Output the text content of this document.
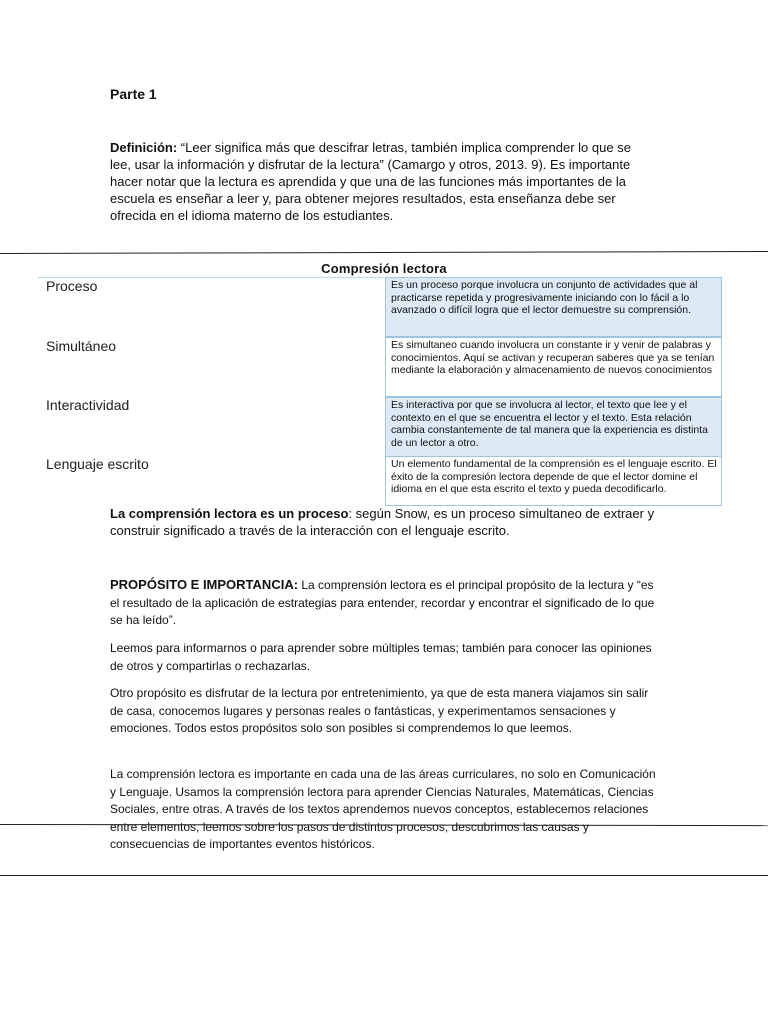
Parte 1
Definición: “Leer significa más que descifrar letras, también implica comprender lo que se lee, usar la información y disfrutar de la lectura” (Camargo y otros, 2013. 9). Es importante hacer notar que la lectura es aprendida y que una de las funciones más importantes de la escuela es enseñar a leer y, para obtener mejores resultados, esta enseñanza debe ser ofrecida en el idioma materno de los estudiantes.
Compresión lectora
Proceso	Es un proceso porque involucra un conjunto de actividades que al practicarse repetida y progresivamente iniciando con lo fácil a lo avanzado o difícil logra que el lector demuestre su comprensión.
Simultáneo	Es simultaneo cuando involucra un constante ir y venir de palabras y conocimientos. Aquí se activan y recuperan saberes que ya se tenían mediante la elaboración y almacenamiento de nuevos conocimientos
Interactividad	Es interactiva por que se involucra al lector, el texto que lee y el contexto en el que se encuentra el lector y el texto. Esta relación cambia constantemente de tal manera que la experiencia es distinta de un lector a otro.
Lenguaje escrito	Un elemento fundamental de la comprensión es el lenguaje escrito. El éxito de la compresión lectora depende de que el lector domine el idioma en el que esta escrito el texto y pueda decodificarlo.
La comprensión lectora es un proceso: según Snow, es un proceso simultaneo de extraer y construir significado a través de la interacción con el lenguaje escrito.
PROPÓSITO E IMPORTANCIA: La comprensión lectora es el principal propósito de la lectura y “es el resultado de la aplicación de estrategias para entender, recordar y encontrar el significado de lo que se ha leído”.
Leemos para informarnos o para aprender sobre múltiples temas; también para conocer las opiniones de otros y compartirlas o rechazarlas.
Otro propósito es disfrutar de la lectura por entretenimiento, ya que de esta manera viajamos sin salir de casa, conocemos lugares y personas reales o fantásticas, y experimentamos sensaciones y emociones. Todos estos propósitos solo son posibles si comprendemos lo que leemos.
La comprensión lectora es importante en cada una de las áreas curriculares, no solo en Comunicación y Lenguaje. Usamos la comprensión lectora para aprender Ciencias Naturales, Matemáticas, Ciencias Sociales, entre otras. A través de los textos aprendemos nuevos conceptos, establecemos relaciones entre elementos, leemos sobre los pasos de distintos procesos, descubrimos las causas y consecuencias de importantes eventos históricos.
